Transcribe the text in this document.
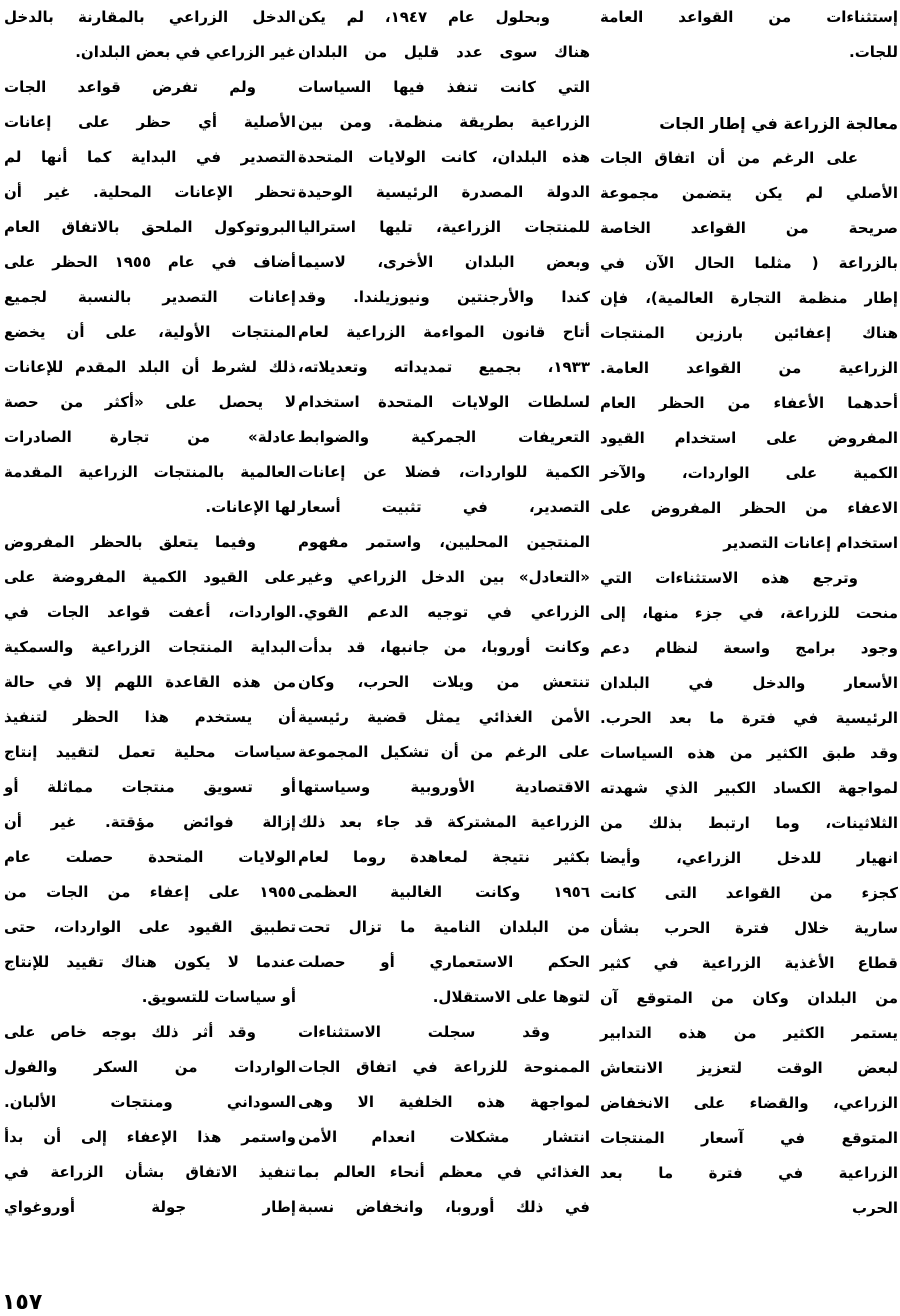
إستثناءات من القواعد العامة
للجات.
معالجة الزراعة في إطار الجات
على الرغم من أن اتفاق الجات
الأصلي لم يكن يتضمن مجموعة
صريحة من القواعد الخاصة
بالزراعة ( مثلما الحال الآن في
إطار منظمة التجارة العالمية)، فإن
هناك إعفائين بارزين المنتجات
الزراعية من القواعد العامة.
أحدهما الأعفاء من الحظر العام
المفروض على استخدام القيود
الكمية على الواردات، والآخر
الاعفاء من الحظر المفروض على
استخدام إعانات التصدير
وترجع هذه الاستثناءات التي
منحت للزراعة، في جزء منها، إلى
وجود برامج واسعة لنظام دعم
الأسعار والدخل في البلدان
الرئيسية في فترة ما بعد الحرب.
وقد طبق الكثير من هذه السياسات
لمواجهة الكساد الكبير الذي شهدته
الثلاثينات، وما ارتبط بذلك من
انهيار للدخل الزراعي، وأيضا
كجزء من القواعد التى كانت
سارية خلال فترة الحرب بشأن
قطاع الأغذية الزراعية في كثير
من البلدان وكان من المتوقع آن
يستمر الكثير من هذه التدابير
لبعض الوقت لتعزيز الانتعاش
الزراعي، والقضاء على الانخفاض
المتوقع في آسعار المنتجات
الزراعية في فترة ما بعد
الحرب
وبحلول عام ١٩٤٧، لم يكن
هناك سوى عدد قليل من البلدان
التي كانت تنفذ فيها السياسات
الزراعية بطريقة منظمة. ومن بين
هذه البلدان، كانت الولايات المتحدة
الدولة المصدرة الرئيسية الوحيدة
للمنتجات الزراعية، تليها استراليا
وبعض البلدان الأخرى، لاسيما
كندا والأرجنتين ونيوزيلندا. وقد
أتاح قانون المواءمة الزراعية لعام
١٩٣٣، بجميع تمديداته وتعديلاته،
لسلطات الولايات المتحدة استخدام
التعريفات الجمركية والضوابط
الكمية للواردات، فضلا عن إعانات
التصدير، في تثبيت أسعار
المنتجين المحليين، واستمر مفهوم
«التعادل» بين الدخل الزراعي وغير
الزراعي في توجيه الدعم القوي.
وكانت أوروبا، من جانبها، قد بدأت
تنتعش من ويلات الحرب، وكان
الأمن الغذائي يمثل قضية رئيسية
على الرغم من أن تشكيل المجموعة
الاقتصادية الأوروبية وسياستها
الزراعية المشتركة قد جاء بعد ذلك
بكثير نتيجة لمعاهدة روما لعام
١٩٥٦ وكانت الغالبية العظمى
من البلدان النامية ما تزال تحت
الحكم الاستعماري أو حصلت
لتوها على الاستقلال.
وقد سجلت الاستثناءات
الممنوحة للزراعة في اتفاق الجات
لمواجهة هذه الخلفية الا وهى
انتشار مشكلات انعدام الأمن
الغذائي في معظم أنحاء العالم بما
في ذلك أوروبا، وانخفاض نسبة
الدخل الزراعي بالمقارنة بالدخل
غير الزراعي في بعض البلدان.
ولم تفرض قواعد الجات
الأصلية أي حظر على إعانات
التصدير في البداية كما أنها لم
تحظر الإعانات المحلية. غير أن
البروتوكول الملحق بالاتفاق العام
أضاف في عام ١٩٥٥ الحظر على
إعانات التصدير بالنسبة لجميع
المنتجات الأولية، على أن يخضع
ذلك لشرط أن البلد المقدم للإعانات
لا يحصل على «أكثر من حصة
عادلة» من تجارة الصادرات
العالمية بالمنتجات الزراعية المقدمة
لها الإعانات.
وفيما يتعلق بالحظر المفروض
على القيود الكمية المفروضة على
الواردات، أعفت قواعد الجات في
البداية المنتجات الزراعية والسمكية
من هذه القاعدة اللهم إلا في حالة
أن يستخدم هذا الحظر لتنفيذ
سياسات محلية تعمل لتقييد إنتاج
أو تسويق منتجات مماثلة أو
إزالة فوائض مؤقتة. غير أن
الولايات المتحدة حصلت عام
١٩٥٥ على إعفاء من الجات من
تطبيق القيود على الواردات، حتى
عندما لا يكون هناك تقييد للإنتاج
أو سياسات للتسويق.
وقد أثر ذلك بوجه خاص على
الواردات من السكر والفول
السوداني ومنتجات الألبان.
واستمر هذا الإعفاء إلى أن بدأ
تنفيذ الاتفاق بشأن الزراعة في
إطار جولة أوروغواي
١٥٧
